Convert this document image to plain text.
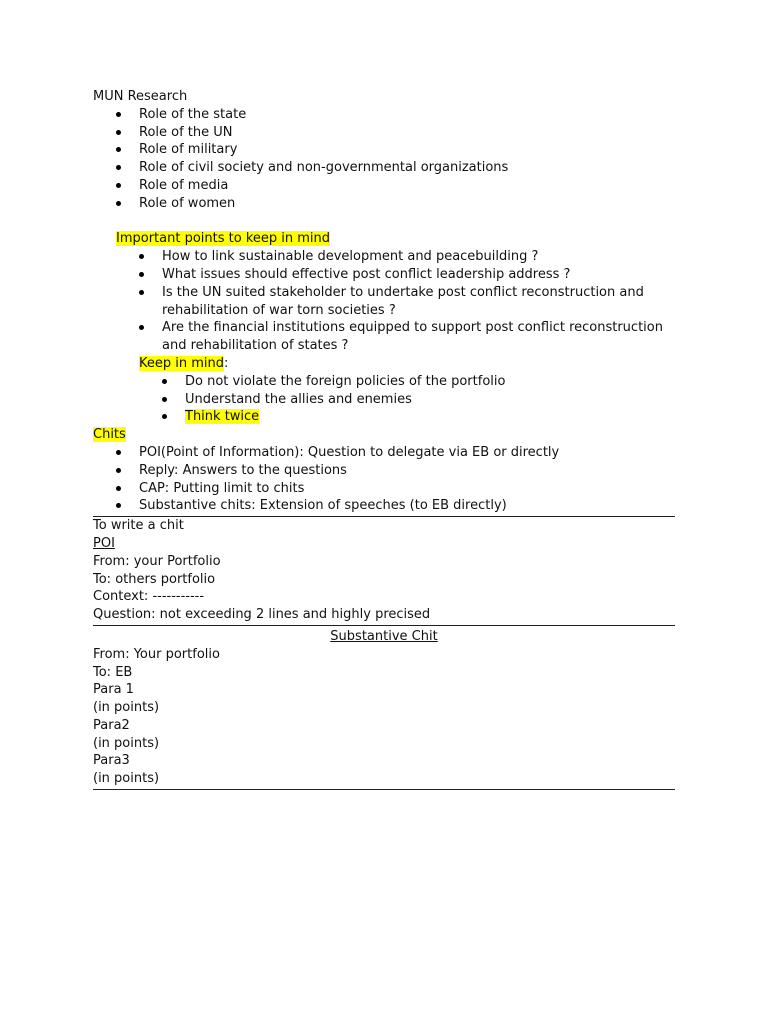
MUN Research
Role of the state
Role of the UN
Role of military
Role of civil society and non-governmental organizations
Role of media
Role of women
Important points to keep in mind
How to link sustainable development and peacebuilding ?
What issues should effective post conflict leadership address ?
Is the UN suited stakeholder to undertake post conflict reconstruction and rehabilitation of war torn societies ?
Are the financial institutions equipped to support post conflict reconstruction and rehabilitation of states ?
Keep in mind:
Do not violate the foreign policies of the portfolio
Understand the allies and enemies
Think twice
Chits
POI(Point of Information): Question to delegate via EB or directly
Reply: Answers to the questions
CAP: Putting limit to chits
Substantive chits: Extension of speeches (to EB directly)
To write a chit
POI
From: your Portfolio
To: others portfolio
Context: -----------
Question: not exceeding 2 lines and highly precised
Substantive Chit
From: Your portfolio
To: EB
Para 1
(in points)
Para2
(in points)
Para3
(in points)
